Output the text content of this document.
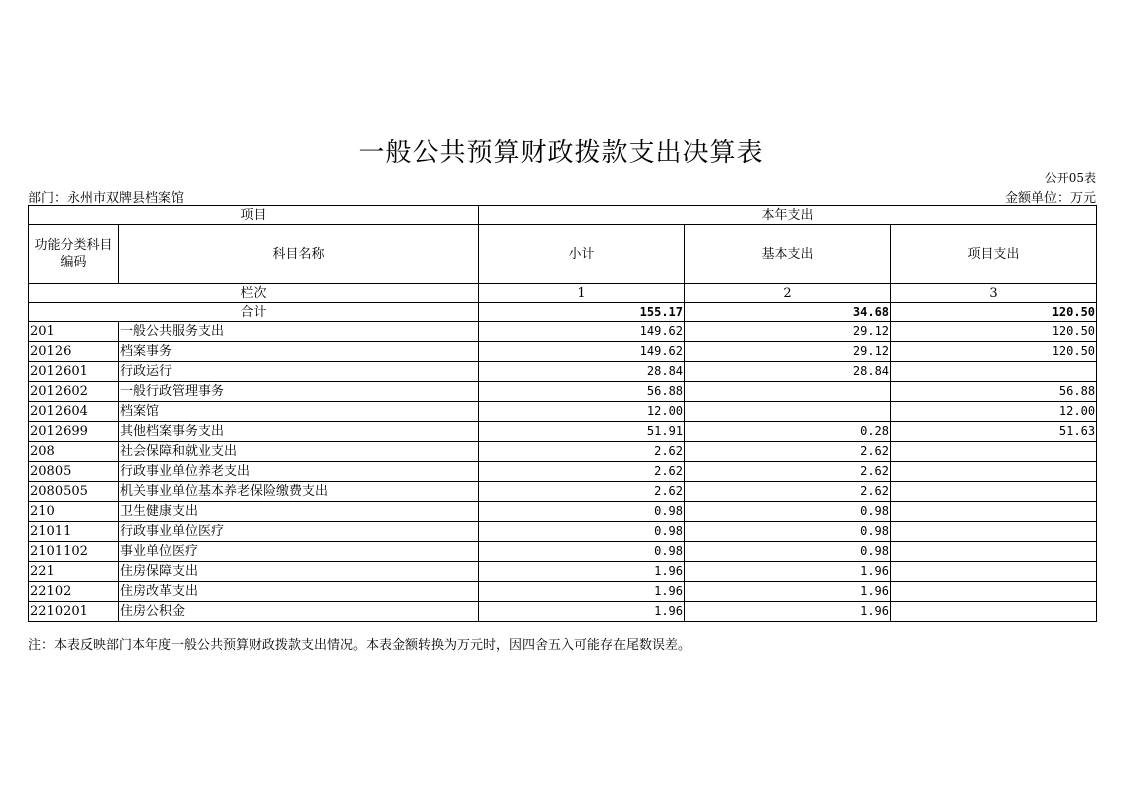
一般公共预算财政拨款支出决算表
公开05表
部门：永州市双牌县档案馆	金额单位：万元
项目		本年支出		
功能分类科目编码	科目名称	小计	基本支出	项目支出
栏次		1	2	3
合计		155.17	34.68	120.50
201	一般公共服务支出	149.62	29.12	120.50
20126	档案事务	149.62	29.12	120.50
2012601	行政运行	28.84	28.84	
2012602	一般行政管理事务	56.88		56.88
2012604	档案馆	12.00		12.00
2012699	其他档案事务支出	51.91	0.28	51.63
208	社会保障和就业支出	2.62	2.62	
20805	行政事业单位养老支出	2.62	2.62	
2080505	机关事业单位基本养老保险缴费支出	2.62	2.62	
210	卫生健康支出	0.98	0.98	
21011	行政事业单位医疗	0.98	0.98	
2101102	事业单位医疗	0.98	0.98	
221	住房保障支出	1.96	1.96	
22102	住房改革支出	1.96	1.96	
2210201	住房公积金	1.96	1.96	
注：本表反映部门本年度一般公共预算财政拨款支出情况。本表金额转换为万元时，因四舍五入可能存在尾数误差。
